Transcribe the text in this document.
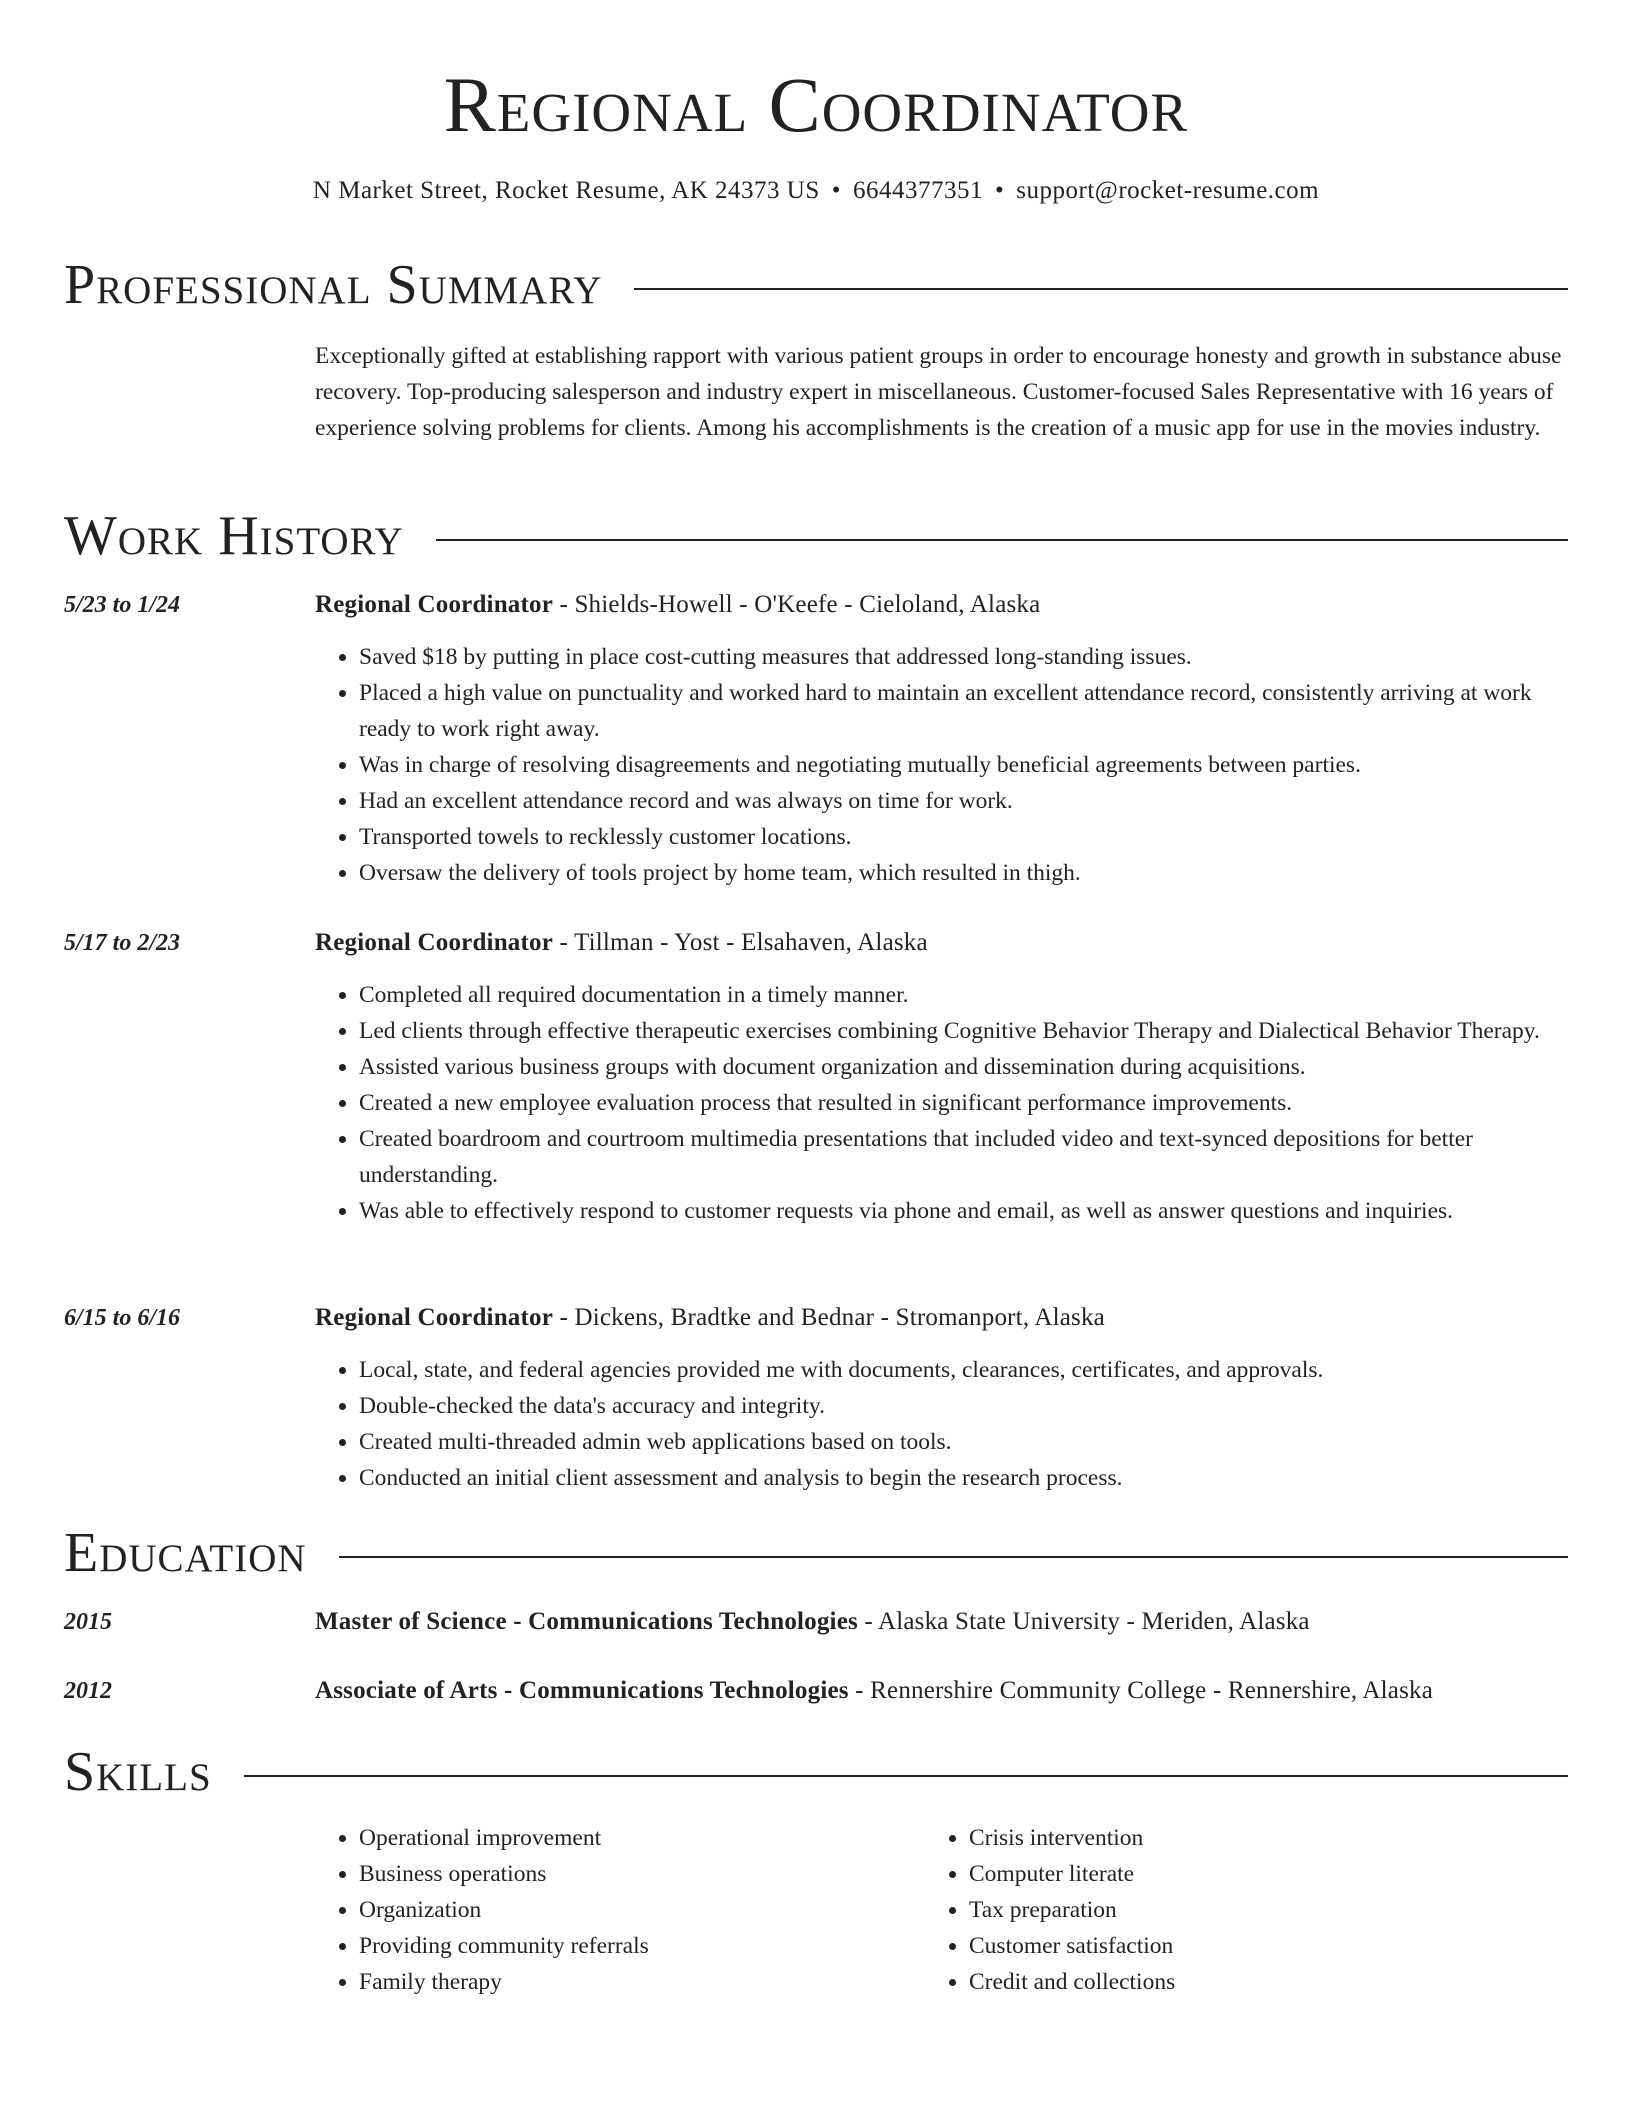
Regional Coordinator
N Market Street, Rocket Resume, AK 24373 US • 6644377351 • support@rocket-resume.com
Professional Summary
Exceptionally gifted at establishing rapport with various patient groups in order to encourage honesty and growth in substance abuse recovery. Top-producing salesperson and industry expert in miscellaneous. Customer-focused Sales Representative with 16 years of experience solving problems for clients. Among his accomplishments is the creation of a music app for use in the movies industry.
Work History
5/23 to 1/24	Regional Coordinator - Shields-Howell - O'Keefe - Cieloland, Alaska
• Saved $18 by putting in place cost-cutting measures that addressed long-standing issues.
• Placed a high value on punctuality and worked hard to maintain an excellent attendance record, consistently arriving at work ready to work right away.
• Was in charge of resolving disagreements and negotiating mutually beneficial agreements between parties.
• Had an excellent attendance record and was always on time for work.
• Transported towels to recklessly customer locations.
• Oversaw the delivery of tools project by home team, which resulted in thigh.
5/17 to 2/23	Regional Coordinator - Tillman - Yost - Elsahaven, Alaska
• Completed all required documentation in a timely manner.
• Led clients through effective therapeutic exercises combining Cognitive Behavior Therapy and Dialectical Behavior Therapy.
• Assisted various business groups with document organization and dissemination during acquisitions.
• Created a new employee evaluation process that resulted in significant performance improvements.
• Created boardroom and courtroom multimedia presentations that included video and text-synced depositions for better understanding.
• Was able to effectively respond to customer requests via phone and email, as well as answer questions and inquiries.
6/15 to 6/16	Regional Coordinator - Dickens, Bradtke and Bednar - Stromanport, Alaska
• Local, state, and federal agencies provided me with documents, clearances, certificates, and approvals.
• Double-checked the data's accuracy and integrity.
• Created multi-threaded admin web applications based on tools.
• Conducted an initial client assessment and analysis to begin the research process.
Education
2015	Master of Science - Communications Technologies - Alaska State University - Meriden, Alaska
2012	Associate of Arts - Communications Technologies - Rennershire Community College - Rennershire, Alaska
Skills
• Operational improvement
• Business operations
• Organization
• Providing community referrals
• Family therapy
• Crisis intervention
• Computer literate
• Tax preparation
• Customer satisfaction
• Credit and collections
